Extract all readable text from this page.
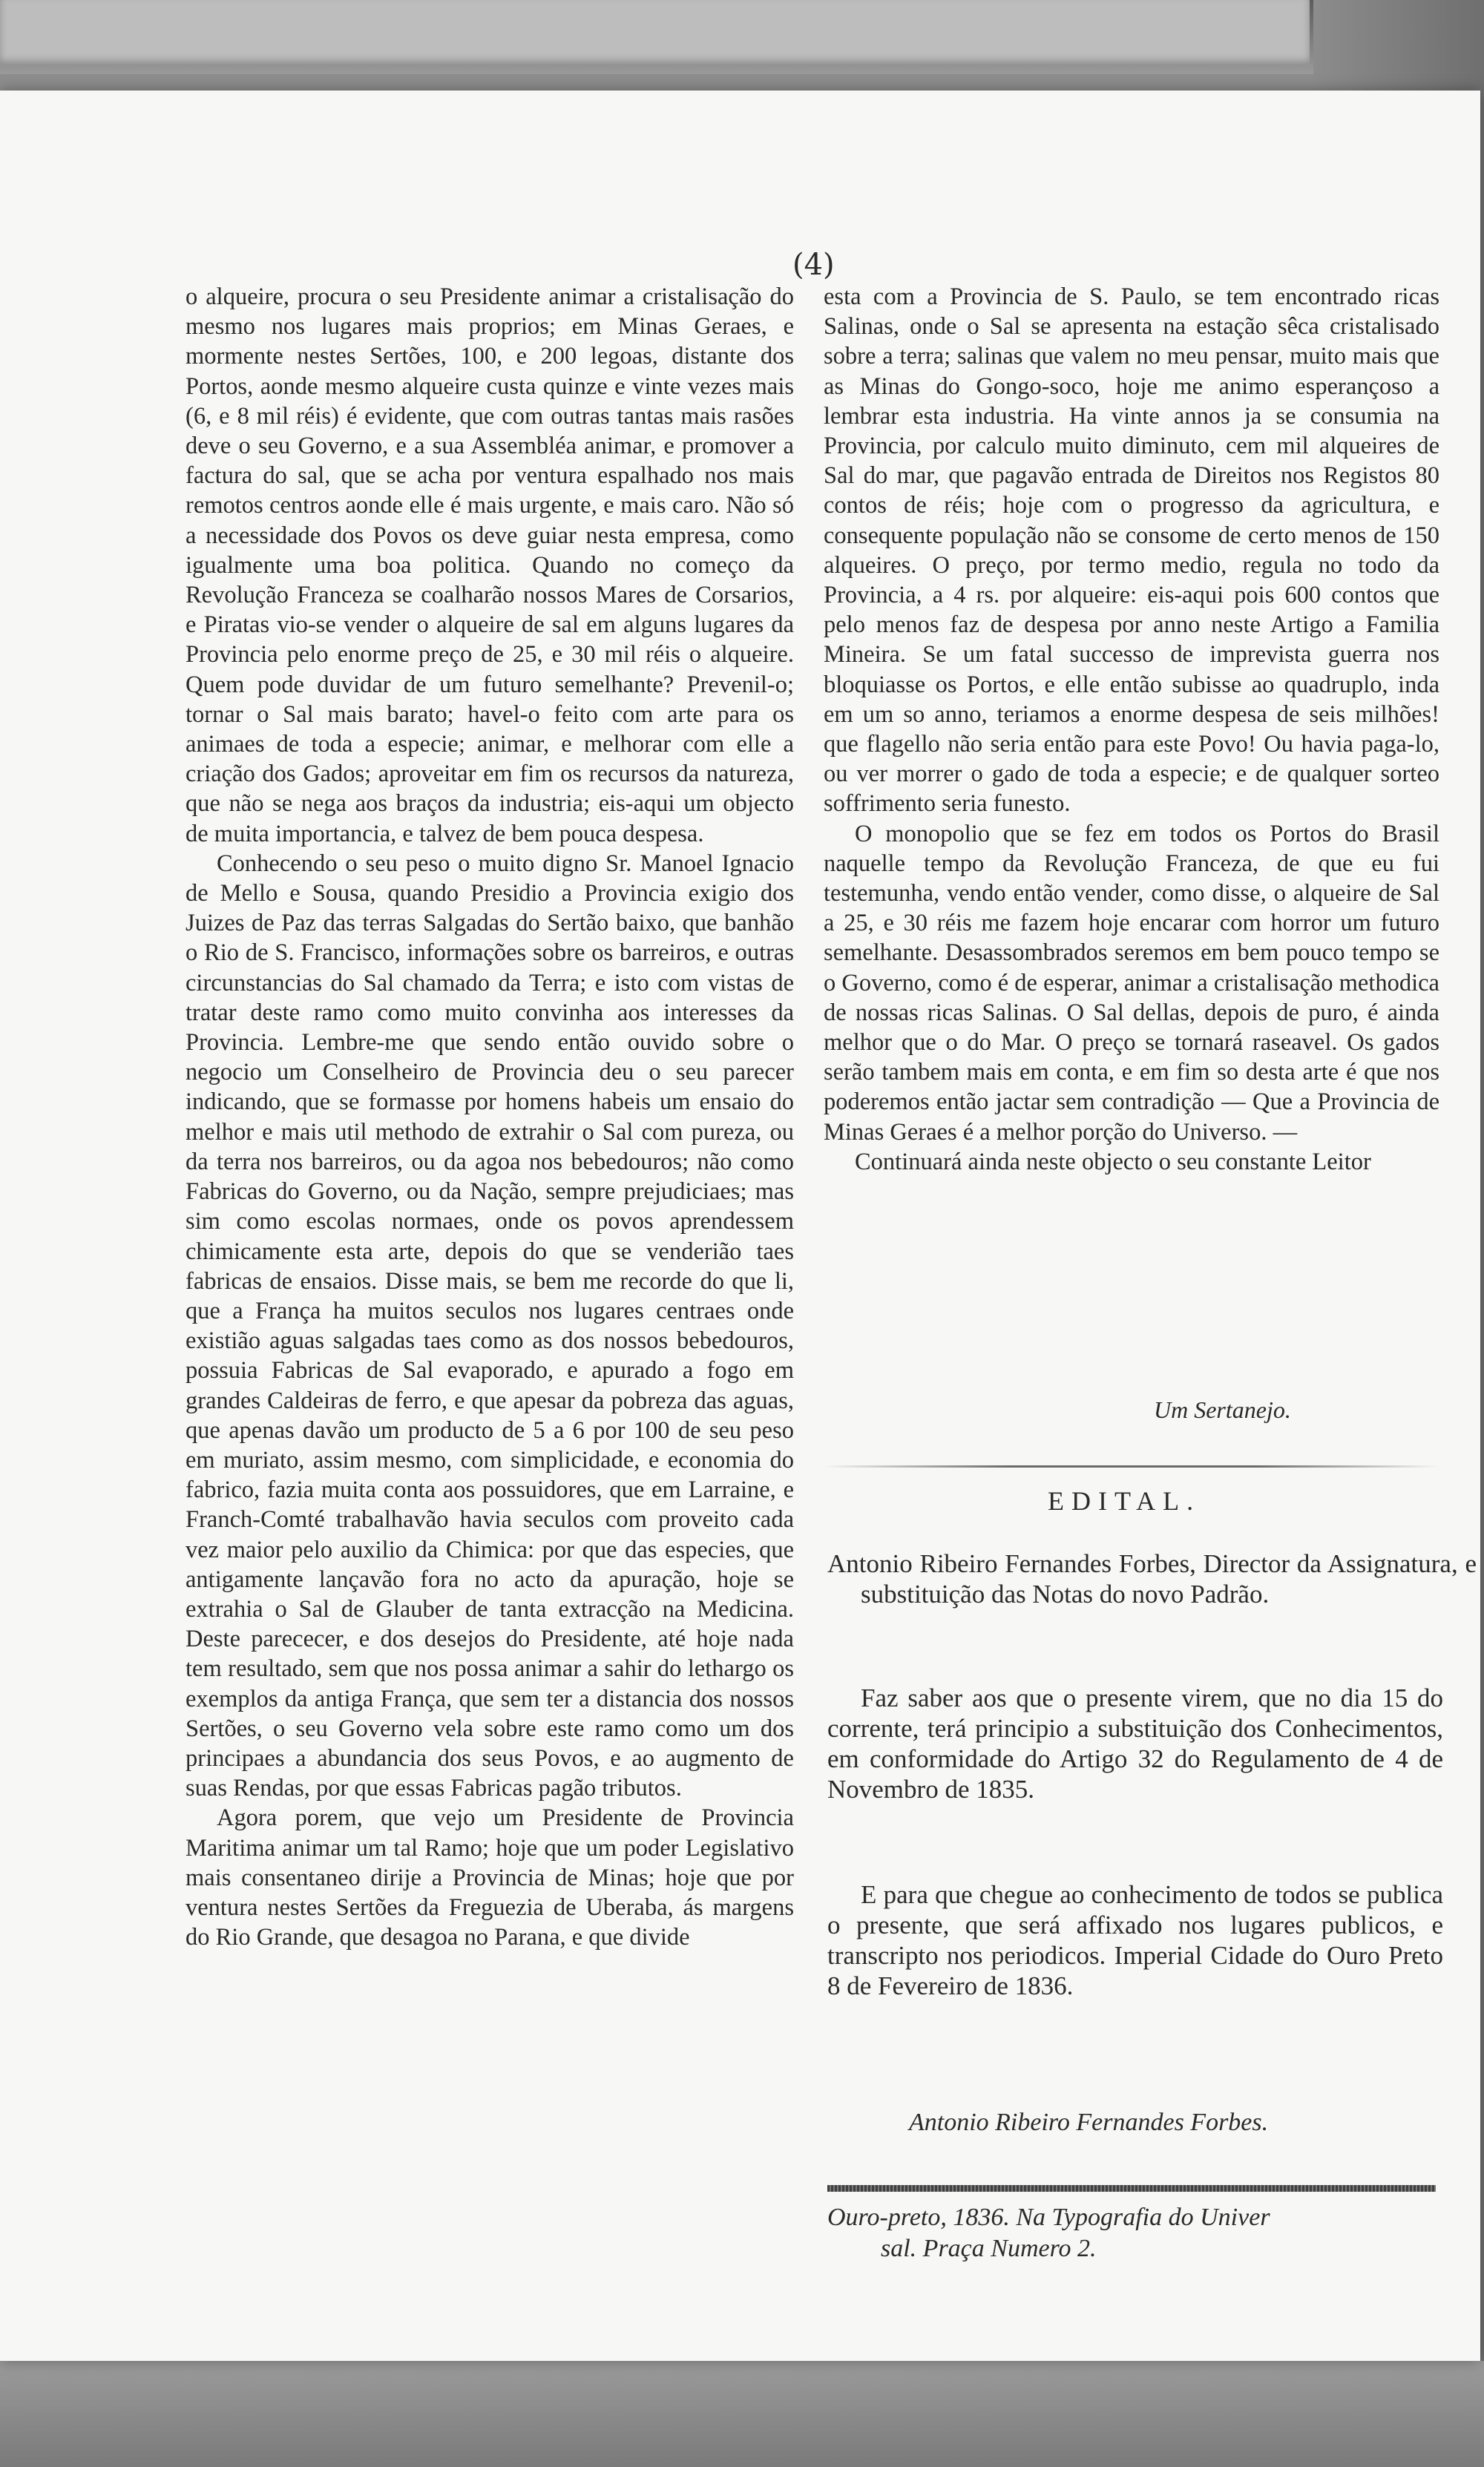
(4)

o alqueire, procura o seu Presidente animar a cristalisação do mesmo nos lugares mais proprios; em Minas Geraes, e mormente nestes Sertões, 100, e 200 legoas, distante dos Portos, aonde mesmo alqueire custa quinze e vinte vezes mais (6, e 8 mil réis) é evidente, que com outras tantas mais rasões deve o seu Governo, e a sua Assembléa animar, e promover a factura do sal, que se acha por ventura espalhado nos mais remotos centros aonde elle é mais urgente, e mais caro. Não só a necessidade dos Povos os deve guiar nesta empresa, como igualmente uma boa politica. Quando no começo da Revolução Franceza se coalharão nossos Mares de Corsarios, e Piratas vio-se vender o alqueire de sal em alguns lugares da Provincia pelo enorme preço de 25, e 30 mil réis o alqueire. Quem pode duvidar de um futuro semelhante? Prevenil-o; tornar o Sal mais barato; havel-o feito com arte para os animaes de toda a especie; animar, e melhorar com elle a criação dos Gados; aproveitar em fim os recursos da natureza, que não se nega aos braços da industria; eis-aqui um objecto de muita importancia, e talvez de bem pouca despesa.

Conhecendo o seu peso o muito digno Sr. Manoel Ignacio de Mello e Sousa, quando Presidio a Provincia exigio dos Juizes de Paz das terras Salgadas do Sertão baixo, que banhão o Rio de S. Francisco, informações sobre os barreiros, e outras circunstancias do Sal chamado da Terra; e isto com vistas de tratar deste ramo como muito convinha aos interesses da Provincia. Lembre-me que sendo então ouvido sobre o negocio um Conselheiro de Provincia deu o seu parecer indicando, que se formasse por homens habeis um ensaio do melhor e mais util methodo de extrahir o Sal com pureza, ou da terra nos barreiros, ou da agoa nos bebedouros; não como Fabricas do Governo, ou da Nação, sempre prejudiciaes; mas sim como escolas normaes, onde os povos aprendessem chimicamente esta arte, depois do que se venderião taes fabricas de ensaios. Disse mais, se bem me recorde do que li, que a França ha muitos seculos nos lugares centraes onde existião aguas salgadas taes como as dos nossos bebedouros, possuia Fabricas de Sal evaporado, e apurado a fogo em grandes Caldeiras de ferro, e que apesar da pobreza das aguas, que apenas davão um producto de 5 a 6 por 100 de seu peso em muriato, assim mesmo, com simplicidade, e economia do fabrico, fazia muita conta aos possuidores, que em Larraine, e Franch-Comté trabalhavão havia seculos com proveito cada vez maior pelo auxilio da Chimica: por que das especies, que antigamente lançavão fora no acto da apuração, hoje se extrahia o Sal de Glauber de tanta extracção na Medicina. Deste parececer, e dos desejos do Presidente, até hoje nada tem resultado, sem que nos possa animar a sahir do lethargo os exemplos da antiga França, que sem ter a distancia dos nossos Sertões, o seu Governo vela sobre este ramo como um dos principaes a abundancia dos seus Povos, e ao augmento de suas Rendas, por que essas Fabricas pagão tributos.

Agora porem, que vejo um Presidente de Provincia Maritima animar um tal Ramo; hoje que um poder Legislativo mais consentaneo dirije a Provincia de Minas; hoje que por ventura nestes Sertões da Freguezia de Uberaba, ás margens do Rio Grande, que desagoa no Parana, e que divide

esta com a Provincia de S. Paulo, se tem encontrado ricas Salinas, onde o Sal se apresenta na estação sêca cristalisado sobre a terra; salinas que valem no meu pensar, muito mais que as Minas do Gongo-soco, hoje me animo esperançoso a lembrar esta industria. Ha vinte annos ja se consumia na Provincia, por calculo muito diminuto, cem mil alqueires de Sal do mar, que pagavão entrada de Direitos nos Registos 80 contos de réis; hoje com o progresso da agricultura, e consequente população não se consome de certo menos de 150 alqueires. O preço, por termo medio, regula no todo da Provincia, a 4 rs. por alqueire: eis-aqui pois 600 contos que pelo menos faz de despesa por anno neste Artigo a Familia Mineira. Se um fatal successo de imprevista guerra nos bloquiasse os Portos, e elle então subisse ao quadruplo, inda em um so anno, teriamos a enorme despesa de seis milhões! que flagello não seria então para este Povo! Ou havia paga-lo, ou ver morrer o gado de toda a especie; e de qualquer sorteo soffrimento seria funesto.

O monopolio que se fez em todos os Portos do Brasil naquelle tempo da Revolução Franceza, de que eu fui testemunha, vendo então vender, como disse, o alqueire de Sal a 25, e 30 réis me fazem hoje encarar com horror um futuro semelhante. Desassombrados seremos em bem pouco tempo se o Governo, como é de esperar, animar a cristalisação methodica de nossas ricas Salinas. O Sal dellas, depois de puro, é ainda melhor que o do Mar. O preço se tornará raseavel. Os gados serão tambem mais em conta, e em fim so desta arte é que nos poderemos então jactar sem contradição — Que a Provincia de Minas Geraes é a melhor porção do Universo. —

Continuará ainda neste objecto o seu constante Leitor

Um Sertanejo.
EDITAL.
Antonio Ribeiro Fernandes Forbes, Director da Assignatura, e substituição das Notas do novo Padrão.
Faz saber aos que o presente virem, que no dia 15 do corrente, terá principio a substituição dos Conhecimentos, em conformidade do Artigo 32 do Regulamento de 4 de Novembro de 1835.
E para que chegue ao conhecimento de todos se publica o presente, que será affixado nos lugares publicos, e transcripto nos periodicos. Imperial Cidade do Ouro Preto 8 de Fevereiro de 1836.
Antonio Ribeiro Fernandes Forbes.
Ouro-preto, 1836. Na Typografia do Univer
sal. Praça Numero 2.
